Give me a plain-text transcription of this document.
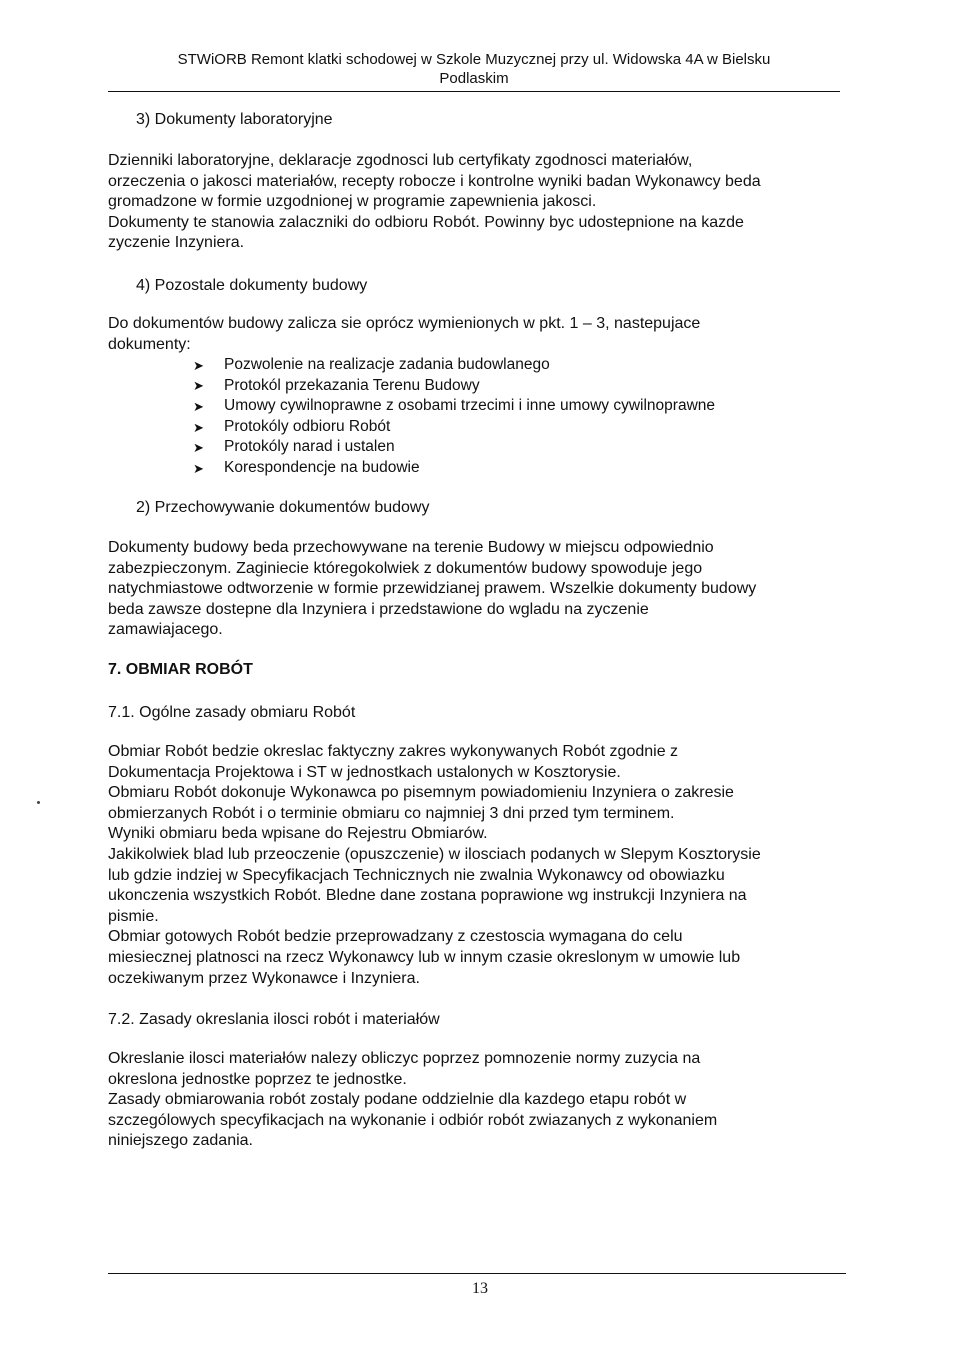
STWiORB Remont klatki schodowej w Szkole Muzycznej przy ul. Widowska 4A w Bielsku
Podlaskim
3) Dokumenty laboratoryjne
Dzienniki laboratoryjne, deklaracje zgodnosci lub certyfikaty zgodnosci materiałów,
orzeczenia o jakosci materiałów, recepty robocze i kontrolne wyniki badan Wykonawcy beda
gromadzone w formie uzgodnionej w programie zapewnienia jakosci.
Dokumenty te stanowia zalaczniki do odbioru Robót. Powinny byc udostepnione na kazde
zyczenie Inzyniera.
4) Pozostale dokumenty budowy
Do dokumentów budowy zalicza sie oprócz wymienionych w pkt. 1 – 3, nastepujace
dokumenty:
➤	Pozwolenie na realizacje zadania budowlanego
➤	Protokól przekazania Terenu Budowy
➤	Umowy cywilnoprawne z osobami trzecimi i inne umowy cywilnoprawne
➤	Protokóly odbioru Robót
➤	Protokóly narad i ustalen
➤	Korespondencje na budowie
2) Przechowywanie dokumentów budowy
Dokumenty budowy beda przechowywane na terenie Budowy w miejscu odpowiednio
zabezpieczonym. Zaginiecie któregokolwiek z dokumentów budowy spowoduje jego
natychmiastowe odtworzenie w formie przewidzianej prawem. Wszelkie dokumenty budowy
beda zawsze dostepne dla Inzyniera i przedstawione do wgladu na zyczenie
zamawiajacego.
7. OBMIAR ROBÓT
7.1. Ogólne zasady obmiaru Robót
Obmiar Robót bedzie okreslac faktyczny zakres wykonywanych Robót zgodnie z
Dokumentacja Projektowa i ST w jednostkach ustalonych w Kosztorysie.
Obmiaru Robót dokonuje Wykonawca po pisemnym powiadomieniu Inzyniera o zakresie
obmierzanych Robót i o terminie obmiaru co najmniej 3 dni przed tym terminem.
Wyniki obmiaru beda wpisane do Rejestru Obmiarów.
Jakikolwiek blad lub przeoczenie (opuszczenie) w ilosciach podanych w Slepym Kosztorysie
lub gdzie indziej w Specyfikacjach Technicznych nie zwalnia Wykonawcy od obowiazku
ukonczenia wszystkich Robót. Bledne dane zostana poprawione wg instrukcji Inzyniera na
pismie.
Obmiar gotowych Robót bedzie przeprowadzany z czestoscia wymagana do celu
miesiecznej platnosci na rzecz Wykonawcy lub w innym czasie okreslonym w umowie lub
oczekiwanym przez Wykonawce i Inzyniera.
7.2. Zasady okreslania ilosci robót i materiałów
Okreslanie ilosci materiałów nalezy obliczyc poprzez pomnozenie normy zuzycia na
okreslona jednostke poprzez te jednostke.
Zasady obmiarowania robót zostaly podane oddzielnie dla kazdego etapu robót w
szczególowych specyfikacjach na wykonanie i odbiór robót zwiazanych z wykonaniem
niniejszego zadania.
13
